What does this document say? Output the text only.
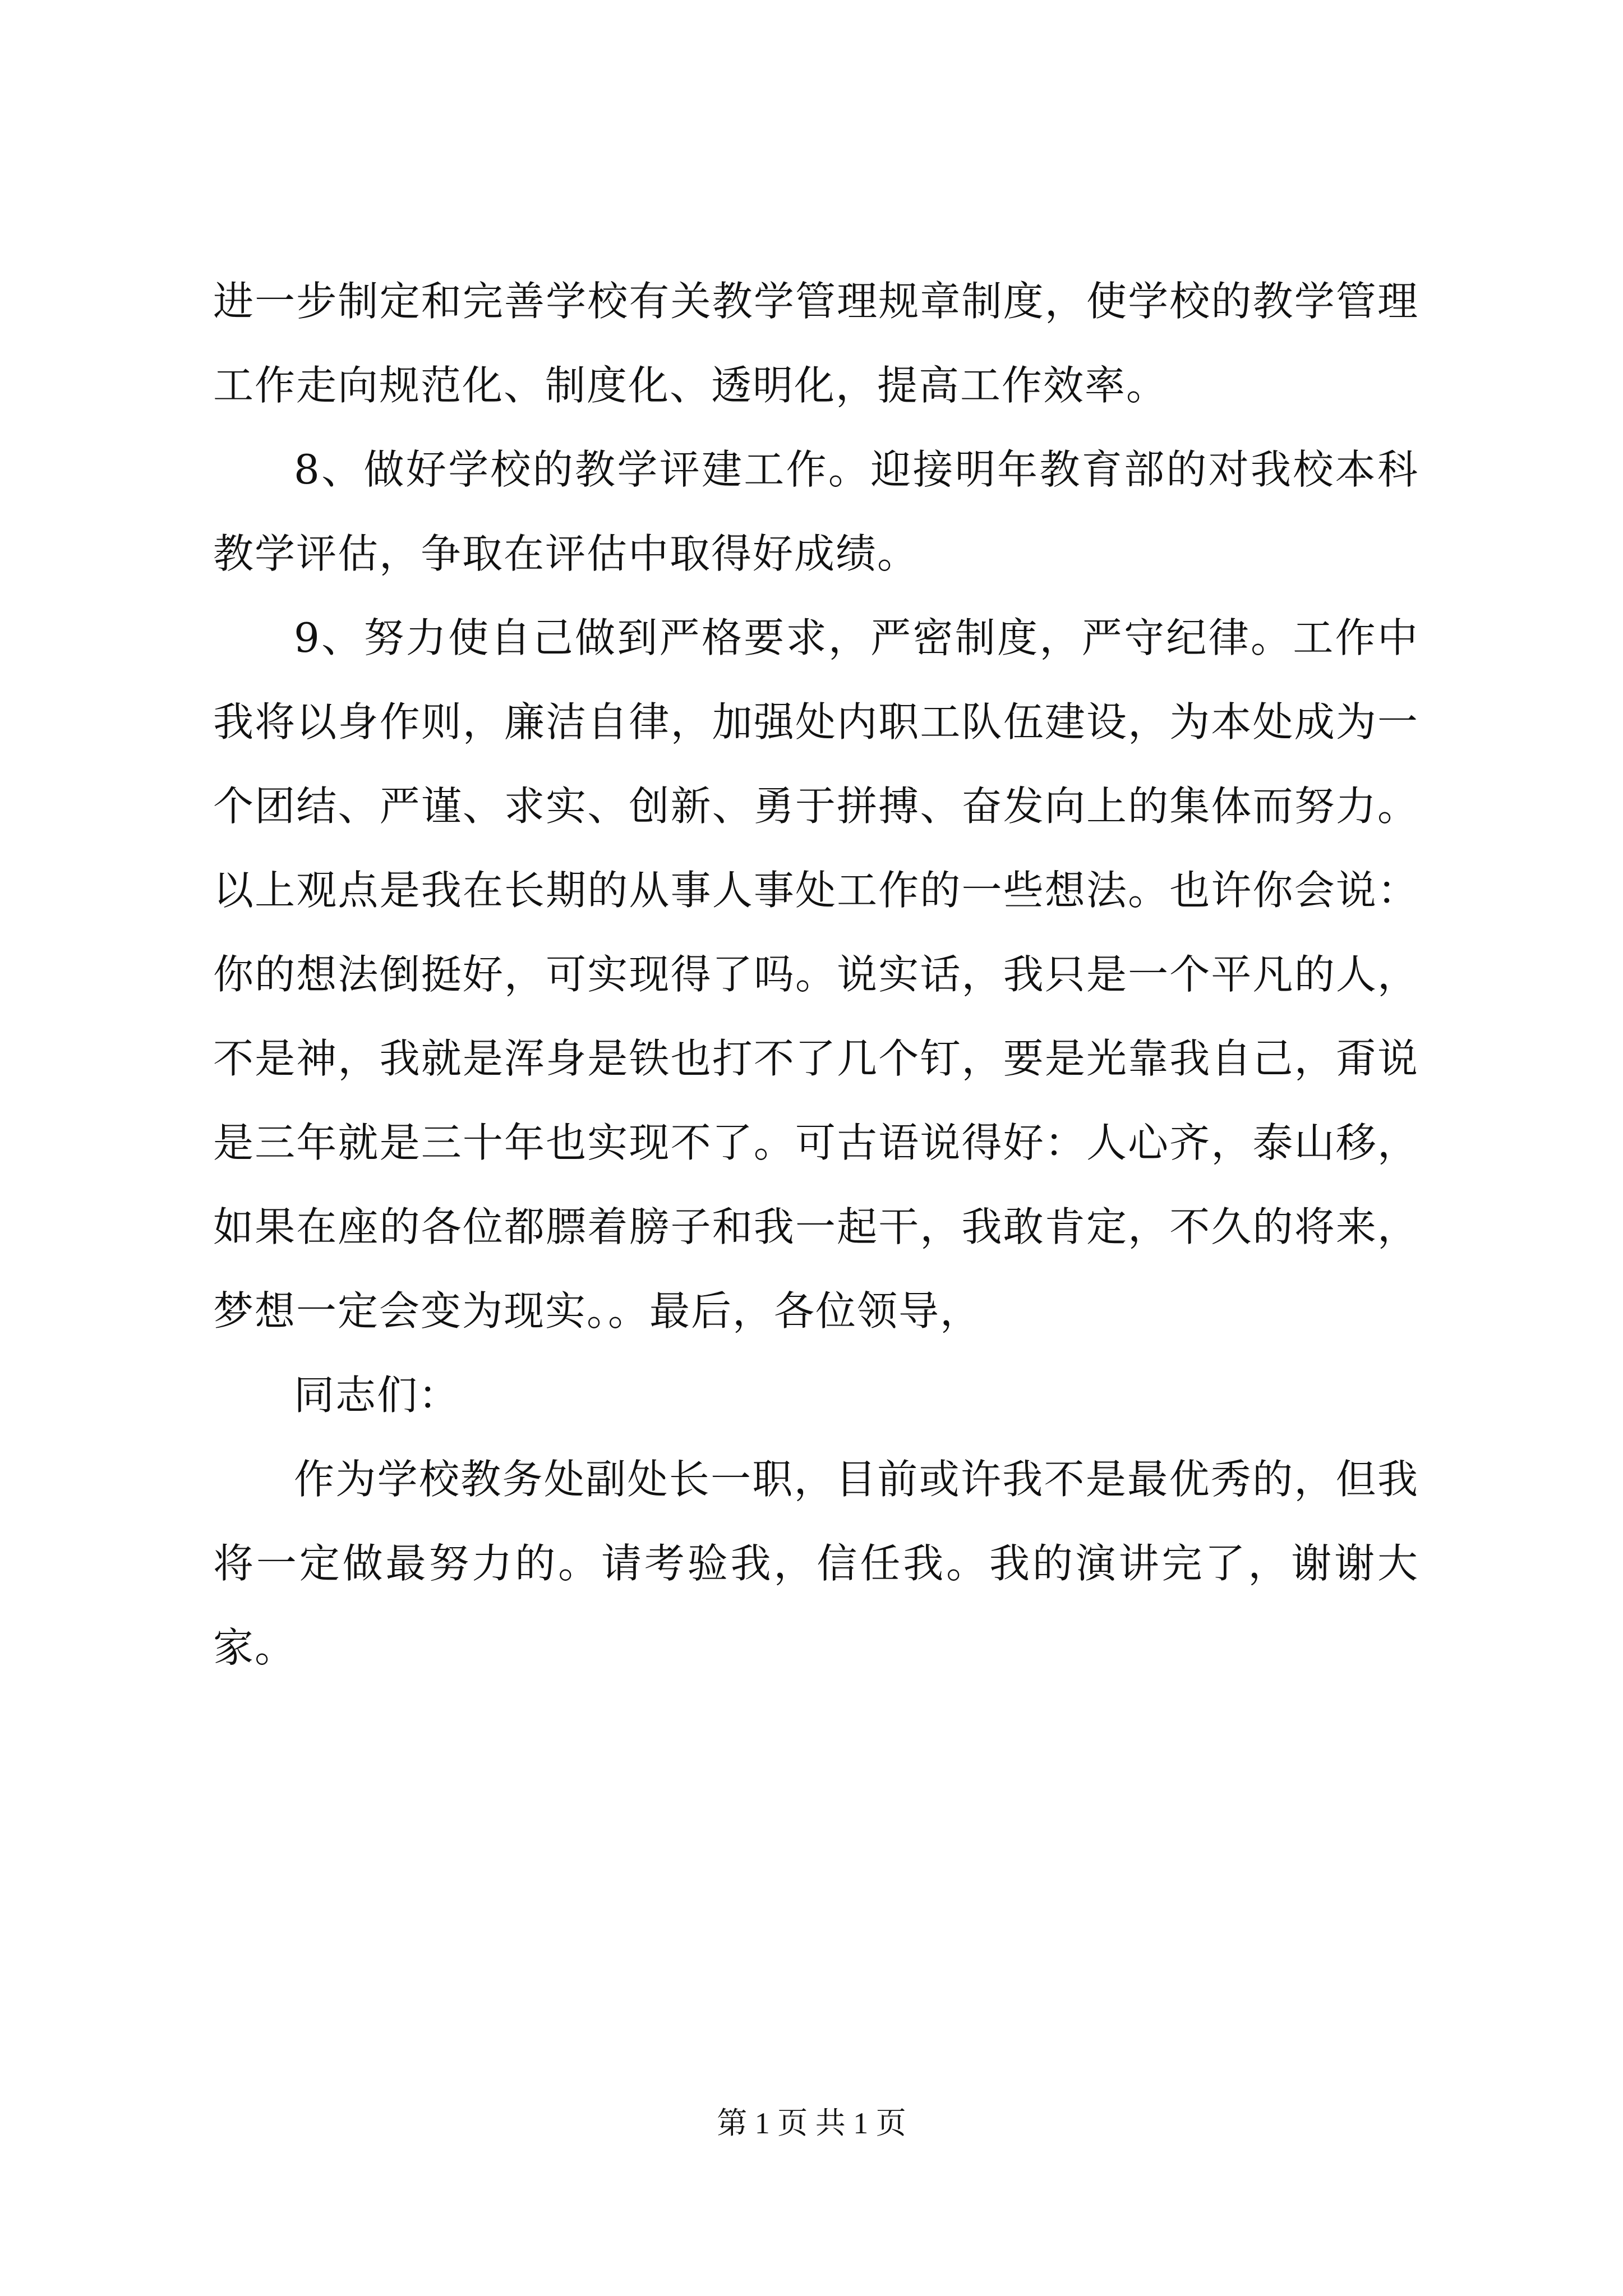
进一步制定和完善学校有关教学管理规章制度，使学校的教学管理工作走向规范化、制度化、透明化，提高工作效率。

8、做好学校的教学评建工作。迎接明年教育部的对我校本科教学评估，争取在评估中取得好成绩。

9、努力使自己做到严格要求，严密制度，严守纪律。工作中我将以身作则，廉洁自律，加强处内职工队伍建设，为本处成为一个团结、严谨、求实、创新、勇于拼搏、奋发向上的集体而努力。以上观点是我在长期的从事人事处工作的一些想法。也许你会说：你的想法倒挺好，可实现得了吗。说实话，我只是一个平凡的人，不是神，我就是浑身是铁也打不了几个钉，要是光靠我自己，甭说是三年就是三十年也实现不了。可古语说得好：人心齐，泰山移，如果在座的各位都膘着膀子和我一起干，我敢肯定，不久的将来，梦想一定会变为现实。。最后，各位领导，

同志们：

作为学校教务处副处长一职，目前或许我不是最优秀的，但我将一定做最努力的。请考验我，信任我。我的演讲完了，谢谢大家。

第 1 页 共 1 页
